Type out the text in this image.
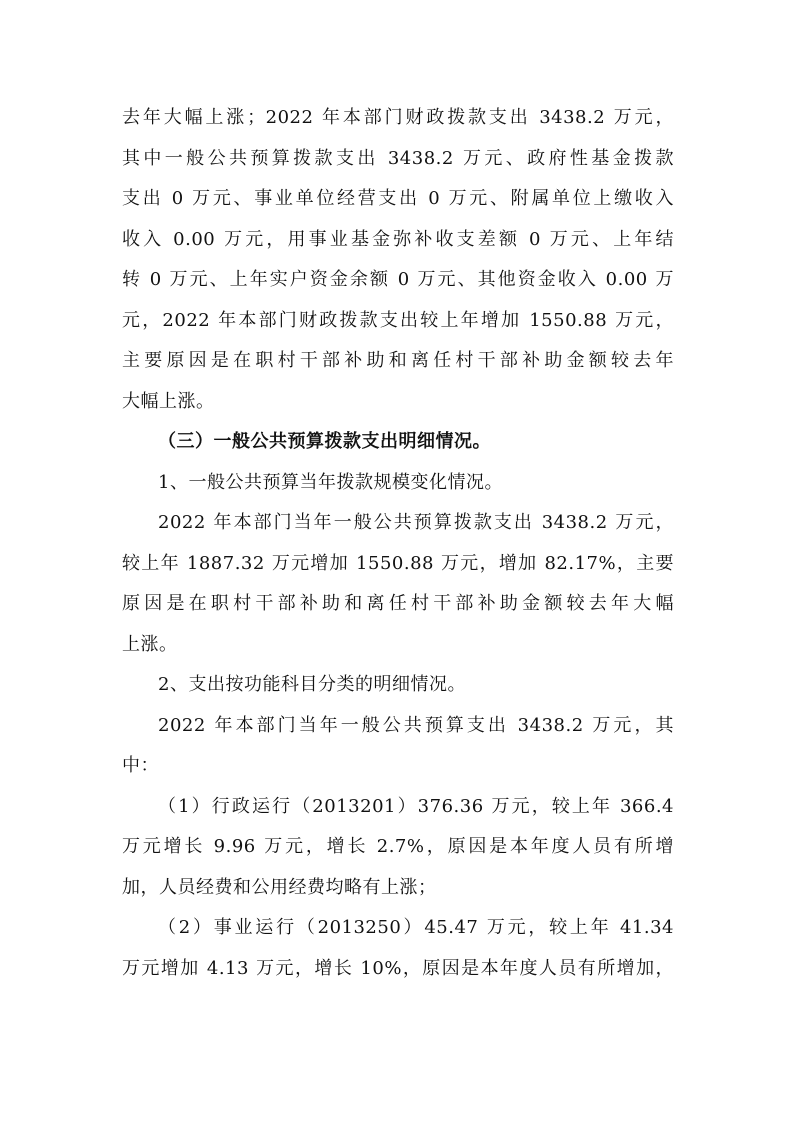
去年大幅上涨；2022 年本部门财政拨款支出 3438.2 万元，
其中一般公共预算拨款支出 3438.2 万元、政府性基金拨款
支出 0 万元、事业单位经营支出 0 万元、附属单位上缴收入
收入 0.00 万元，用事业基金弥补收支差额 0 万元、上年结
转 0 万元、上年实户资金余额 0 万元、其他资金收入 0.00 万
元，2022 年本部门财政拨款支出较上年增加 1550.88 万元，
主要原因是在职村干部补助和离任村干部补助金额较去年
大幅上涨。
（三）一般公共预算拨款支出明细情况。
1、一般公共预算当年拨款规模变化情况。
2022 年本部门当年一般公共预算拨款支出 3438.2 万元，
较上年 1887.32 万元增加 1550.88 万元，增加 82.17%，主要
原因是在职村干部补助和离任村干部补助金额较去年大幅
上涨。
2、支出按功能科目分类的明细情况。
2022 年本部门当年一般公共预算支出 3438.2 万元，其
中：
（1）行政运行（2013201）376.36 万元，较上年 366.4
万元增长 9.96 万元，增长 2.7%，原因是本年度人员有所增
加，人员经费和公用经费均略有上涨；
（2）事业运行（2013250）45.47 万元，较上年 41.34
万元增加 4.13 万元，增长 10%，原因是本年度人员有所增加，
